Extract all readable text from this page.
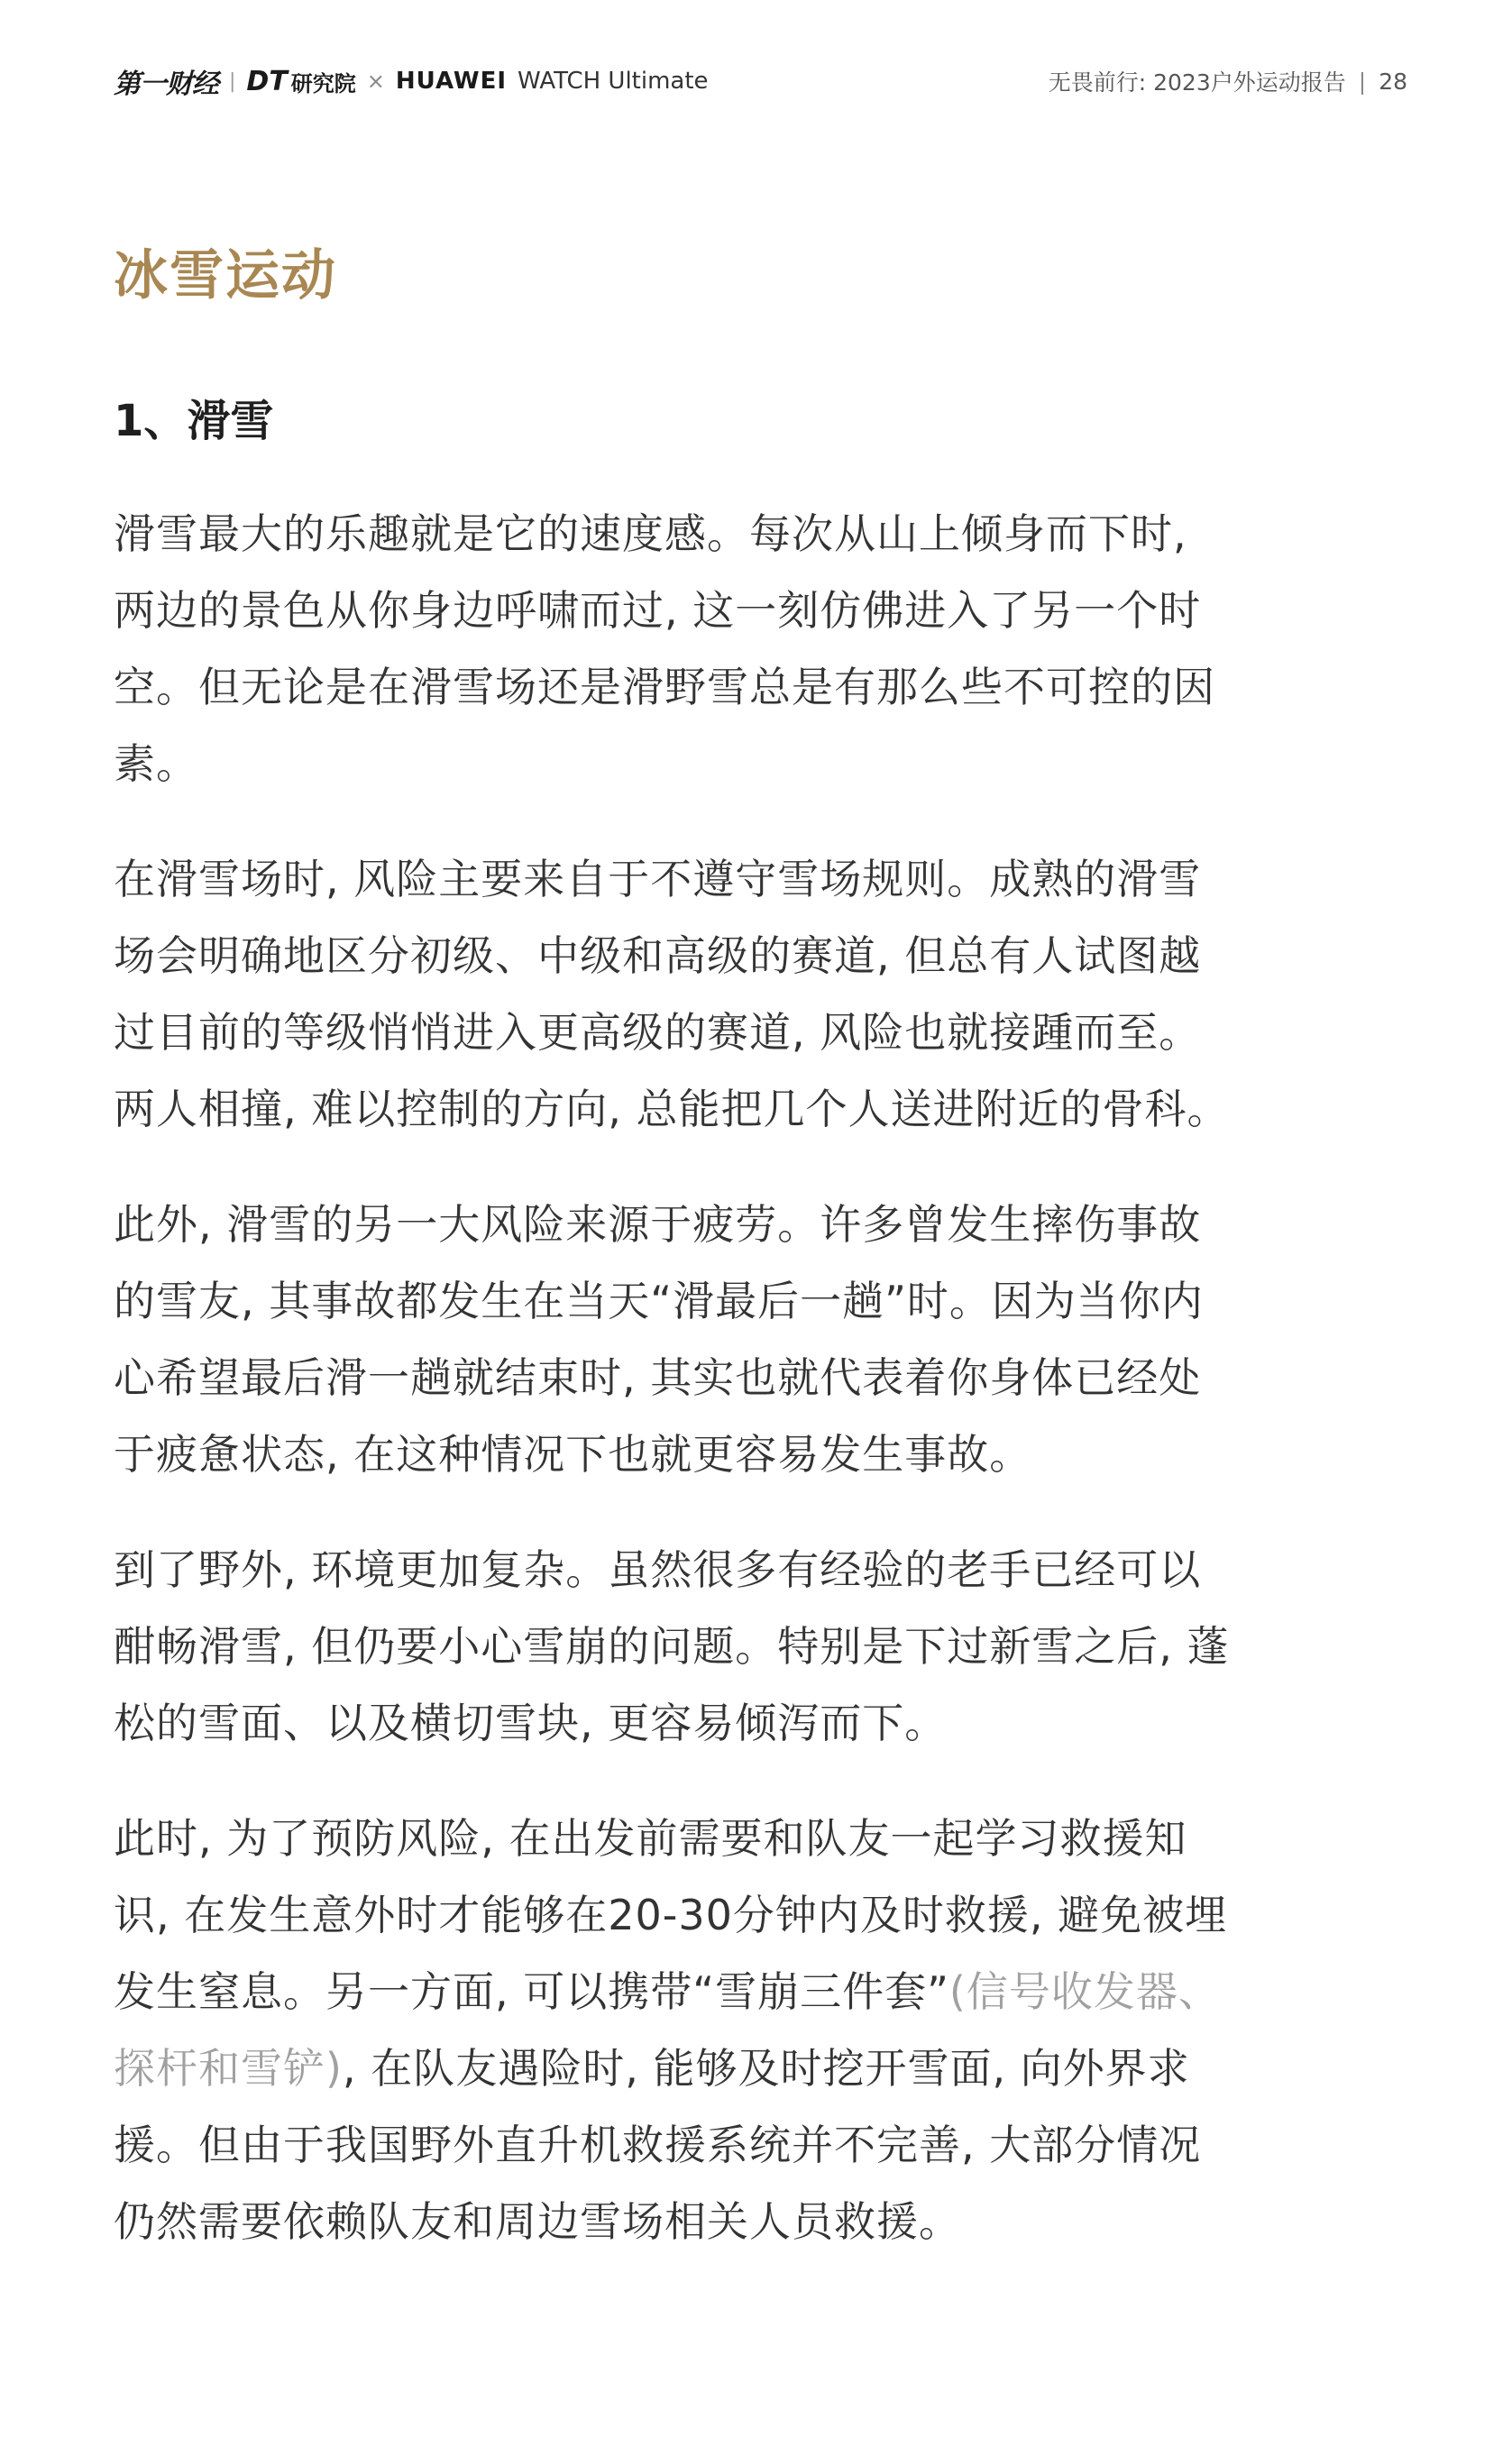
第一财经 | DT 研究院 × HUAWEI WATCH Ultimate	无畏前行: 2023户外运动报告 | 28
冰雪运动
1、滑雪

滑雪最大的乐趣就是它的速度感。每次从山上倾身而下时, 两边的景色从你身边呼啸而过, 这一刻仿佛进入了另一个时空。但无论是在滑雪场还是滑野雪总是有那么些不可控的因素。

在滑雪场时, 风险主要来自于不遵守雪场规则。成熟的滑雪场会明确地区分初级、中级和高级的赛道, 但总有人试图越过目前的等级悄悄进入更高级的赛道, 风险也就接踵而至。两人相撞, 难以控制的方向, 总能把几个人送进附近的骨科。

此外, 滑雪的另一大风险来源于疲劳。许多曾发生摔伤事故的雪友, 其事故都发生在当天“滑最后一趟”时。因为当你内心希望最后滑一趟就结束时, 其实也就代表着你身体已经处于疲惫状态, 在这种情况下也就更容易发生事故。

到了野外, 环境更加复杂。虽然很多有经验的老手已经可以酣畅滑雪, 但仍要小心雪崩的问题。特别是下过新雪之后, 蓬松的雪面、以及横切雪块, 更容易倾泻而下。

此时, 为了预防风险, 在出发前需要和队友一起学习救援知识, 在发生意外时才能够在20-30分钟内及时救援, 避免被埋发生窒息。另一方面, 可以携带“雪崩三件套”(信号收发器、探杆和雪铲), 在队友遇险时, 能够及时挖开雪面, 向外界求援。但由于我国野外直升机救援系统并不完善, 大部分情况仍然需要依赖队友和周边雪场相关人员救援。
